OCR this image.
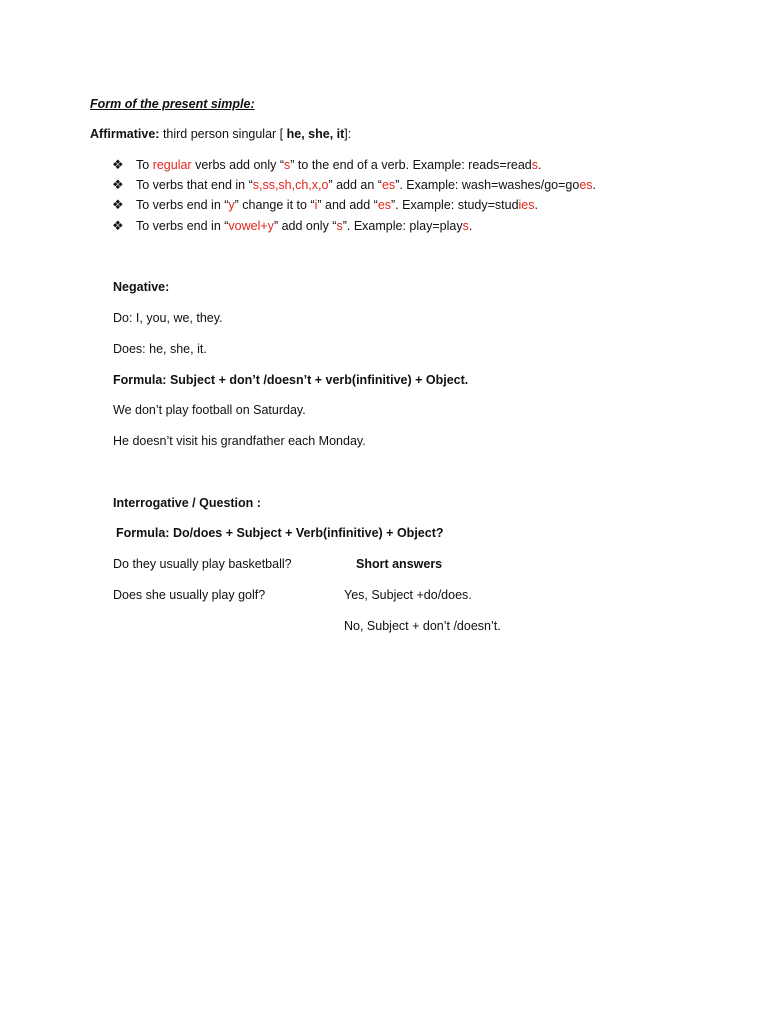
Form of the present simple:
Affirmative: third person singular [ he, she, it]:
❖ To regular verbs add only “s” to the end of a verb. Example: reads=reads.
❖ To verbs that end in “s,ss,sh,ch,x,o” add an “es”. Example: wash=washes/go=goes.
❖ To verbs end in “y” change it to “i” and add “es”. Example: study=studies.
❖ To verbs end in “vowel+y” add only “s”. Example: play=plays.
Negative:
Do: I, you, we, they.
Does: he, she, it.
Formula: Subject + don’t /doesn’t + verb(infinitive) + Object.
We don’t play football on Saturday.
He doesn’t visit his grandfather each Monday.
Interrogative / Question :
Formula: Do/does + Subject + Verb(infinitive) + Object?
Do they usually play basketball?	Short answers
Does she usually play golf?	Yes, Subject +do/does.
No, Subject + don’t /doesn’t.
